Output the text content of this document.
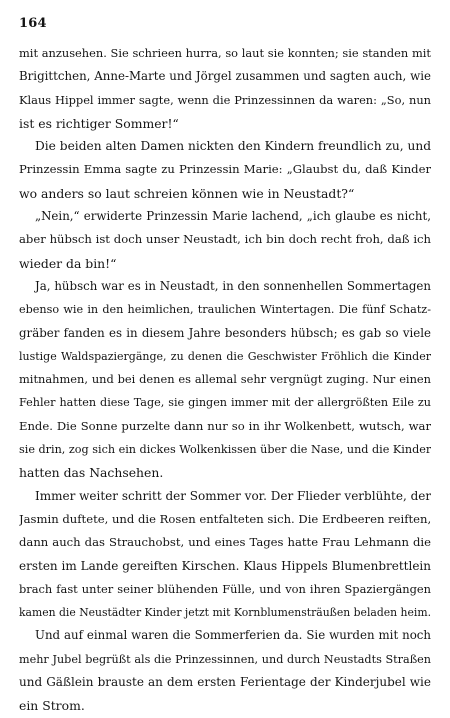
164
mit anzusehen. Sie schrieen hurra, so laut sie konnten; sie standen mit
Brigittchen, Anne-Marte und Jörgel zusammen und sagten auch, wie
Klaus Hippel immer sagte, wenn die Prinzessinnen da waren: „So, nun
ist es richtiger Sommer!“
Die beiden alten Damen nickten den Kindern freundlich zu, und
Prinzessin Emma sagte zu Prinzessin Marie: „Glaubst du, daß Kinder
wo anders so laut schreien können wie in Neustadt?“
„Nein,“ erwiderte Prinzessin Marie lachend, „ich glaube es nicht,
aber hübsch ist doch unser Neustadt, ich bin doch recht froh, daß ich
wieder da bin!“
Ja, hübsch war es in Neustadt, in den sonnenhellen Sommertagen
ebenso wie in den heimlichen, traulichen Wintertagen. Die fünf Schatz-
gräber fanden es in diesem Jahre besonders hübsch; es gab so viele
lustige Waldspaziergänge, zu denen die Geschwister Fröhlich die Kinder
mitnahmen, und bei denen es allemal sehr vergnügt zuging. Nur einen
Fehler hatten diese Tage, sie gingen immer mit der allergrößten Eile zu
Ende. Die Sonne purzelte dann nur so in ihr Wolkenbett, wutsch, war
sie drin, zog sich ein dickes Wolkenkissen über die Nase, und die Kinder
hatten das Nachsehen.
Immer weiter schritt der Sommer vor. Der Flieder verblühte, der
Jasmin duftete, und die Rosen entfalteten sich. Die Erdbeeren reiften,
dann auch das Strauchobst, und eines Tages hatte Frau Lehmann die
ersten im Lande gereiften Kirschen. Klaus Hippels Blumenbrettlein
brach fast unter seiner blühenden Fülle, und von ihren Spaziergängen
kamen die Neustädter Kinder jetzt mit Kornblumensträußen beladen heim.
Und auf einmal waren die Sommerferien da. Sie wurden mit noch
mehr Jubel begrüßt als die Prinzessinnen, und durch Neustadts Straßen
und Gäßlein brauste an dem ersten Ferientage der Kinderjubel wie
ein Strom.
